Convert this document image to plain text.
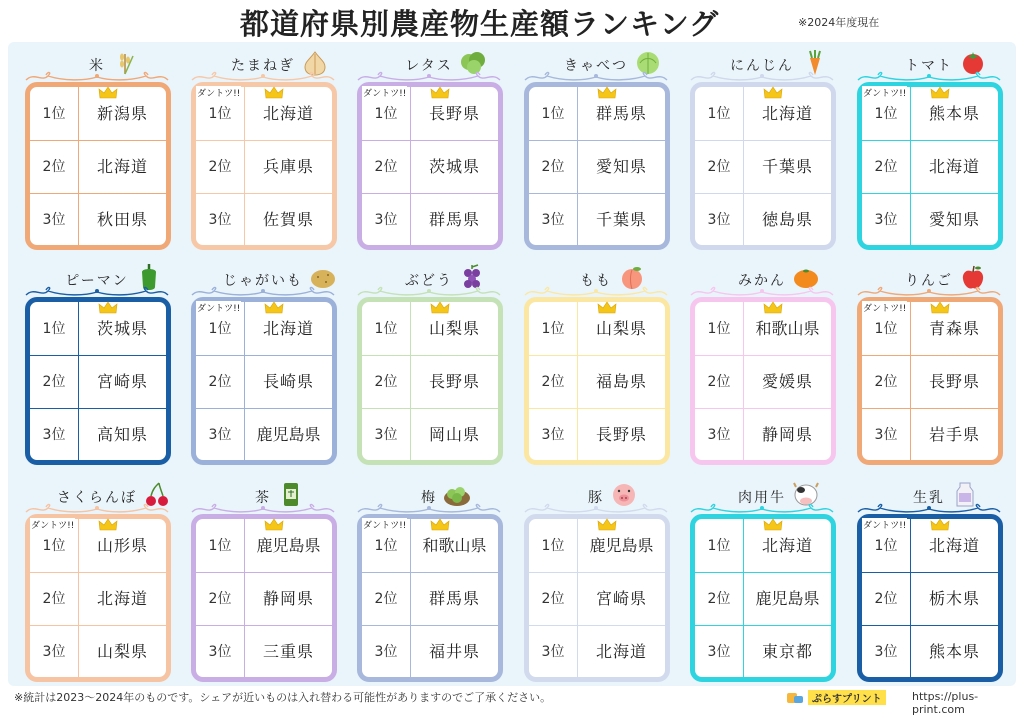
都道府県別農産物生産額ランキング	※2024年度現在
米
1位	新潟県
2位	北海道
3位	秋田県
たまねぎ
1位	北海道
2位	兵庫県
3位	佐賀県
ダントツ!!
レタス
1位	長野県
2位	茨城県
3位	群馬県
ダントツ!!
きゃべつ
1位	群馬県
2位	愛知県
3位	千葉県
にんじん
1位	北海道
2位	千葉県
3位	徳島県
トマト
1位	熊本県
2位	北海道
3位	愛知県
ダントツ!!
ピーマン
1位	茨城県
2位	宮崎県
3位	高知県
じゃがいも
1位	北海道
2位	長崎県
3位	鹿児島県
ダントツ!!
ぶどう
1位	山梨県
2位	長野県
3位	岡山県
もも
1位	山梨県
2位	福島県
3位	長野県
みかん
1位	和歌山県
2位	愛媛県
3位	静岡県
りんご
1位	青森県
2位	長野県
3位	岩手県
ダントツ!!
さくらんぼ
1位	山形県
2位	北海道
3位	山梨県
ダントツ!!
茶
1位	鹿児島県
2位	静岡県
3位	三重県
梅
1位	和歌山県
2位	群馬県
3位	福井県
ダントツ!!
豚
1位	鹿児島県
2位	宮崎県
3位	北海道
肉用牛
1位	北海道
2位	鹿児島県
3位	東京都
生乳
1位	北海道
2位	栃木県
3位	熊本県
ダントツ!!
※統計は2023〜2024年のものです。シェアが近いものは入れ替わる可能性がありますのでご了承ください。	ぷらすプリント	https://plus-print.com
